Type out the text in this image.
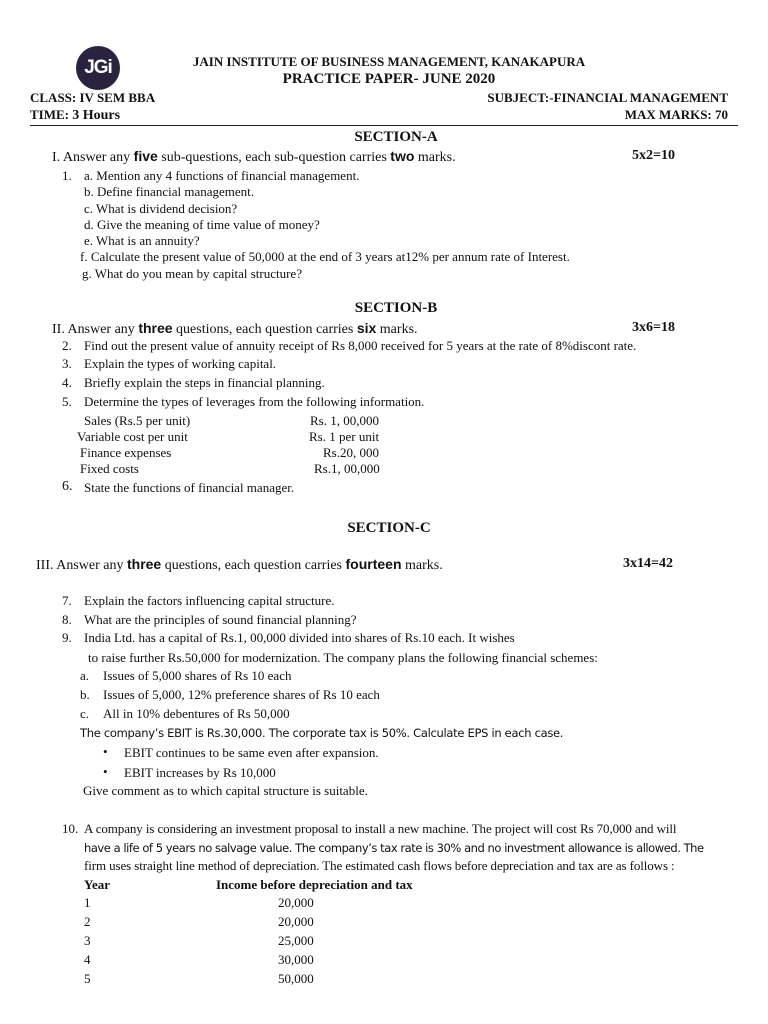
JGi	JAIN INSTITUTE OF BUSINESS MANAGEMENT, KANAKAPURA
PRACTICE PAPER- JUNE 2020
CLASS: IV SEM BBA	SUBJECT:-FINANCIAL MANAGEMENT
TIME: 3 Hours	MAX MARKS: 70
SECTION-A
I. Answer any five sub-questions, each sub-question carries two marks.	5x2=10
1. a. Mention any 4 functions of financial management.
b. Define financial management.
c. What is dividend decision?
d. Give the meaning of time value of money?
e. What is an annuity?
f. Calculate the present value of 50,000 at the end of 3 years at12% per annum rate of Interest.
g. What do you mean by capital structure?
SECTION-B
II. Answer any three questions, each question carries six marks.	3x6=18
2. Find out the present value of annuity receipt of Rs 8,000 received for 5 years at the rate of 8%discont rate.
3. Explain the types of working capital.
4. Briefly explain the steps in financial planning.
5. Determine the types of leverages from the following information.
Sales (Rs.5 per unit)	Rs. 1, 00,000
Variable cost per unit	Rs. 1 per unit
Finance expenses	Rs.20, 000
Fixed costs	Rs.1, 00,000
6. State the functions of financial manager.
SECTION-C
III. Answer any three questions, each question carries fourteen marks.	3x14=42
7. Explain the factors influencing capital structure.
8. What are the principles of sound financial planning?
9. India Ltd. has a capital of Rs.1, 00,000 divided into shares of Rs.10 each. It wishes
to raise further Rs.50,000 for modernization. The company plans the following financial schemes:
a. Issues of 5,000 shares of Rs 10 each
b. Issues of 5,000, 12% preference shares of Rs 10 each
c. All in 10% debentures of Rs 50,000
The company’s EBIT is Rs.30,000. The corporate tax is 50%. Calculate EPS in each case.
• EBIT continues to be same even after expansion.
• EBIT increases by Rs 10,000
Give comment as to which capital structure is suitable.
10. A company is considering an investment proposal to install a new machine. The project will cost Rs 70,000 and will
have a life of 5 years no salvage value. The company’s tax rate is 30% and no investment allowance is allowed. The
firm uses straight line method of depreciation. The estimated cash flows before depreciation and tax are as follows :
Year	Income before depreciation and tax
1	20,000
2	20,000
3	25,000
4	30,000
5	50,000
